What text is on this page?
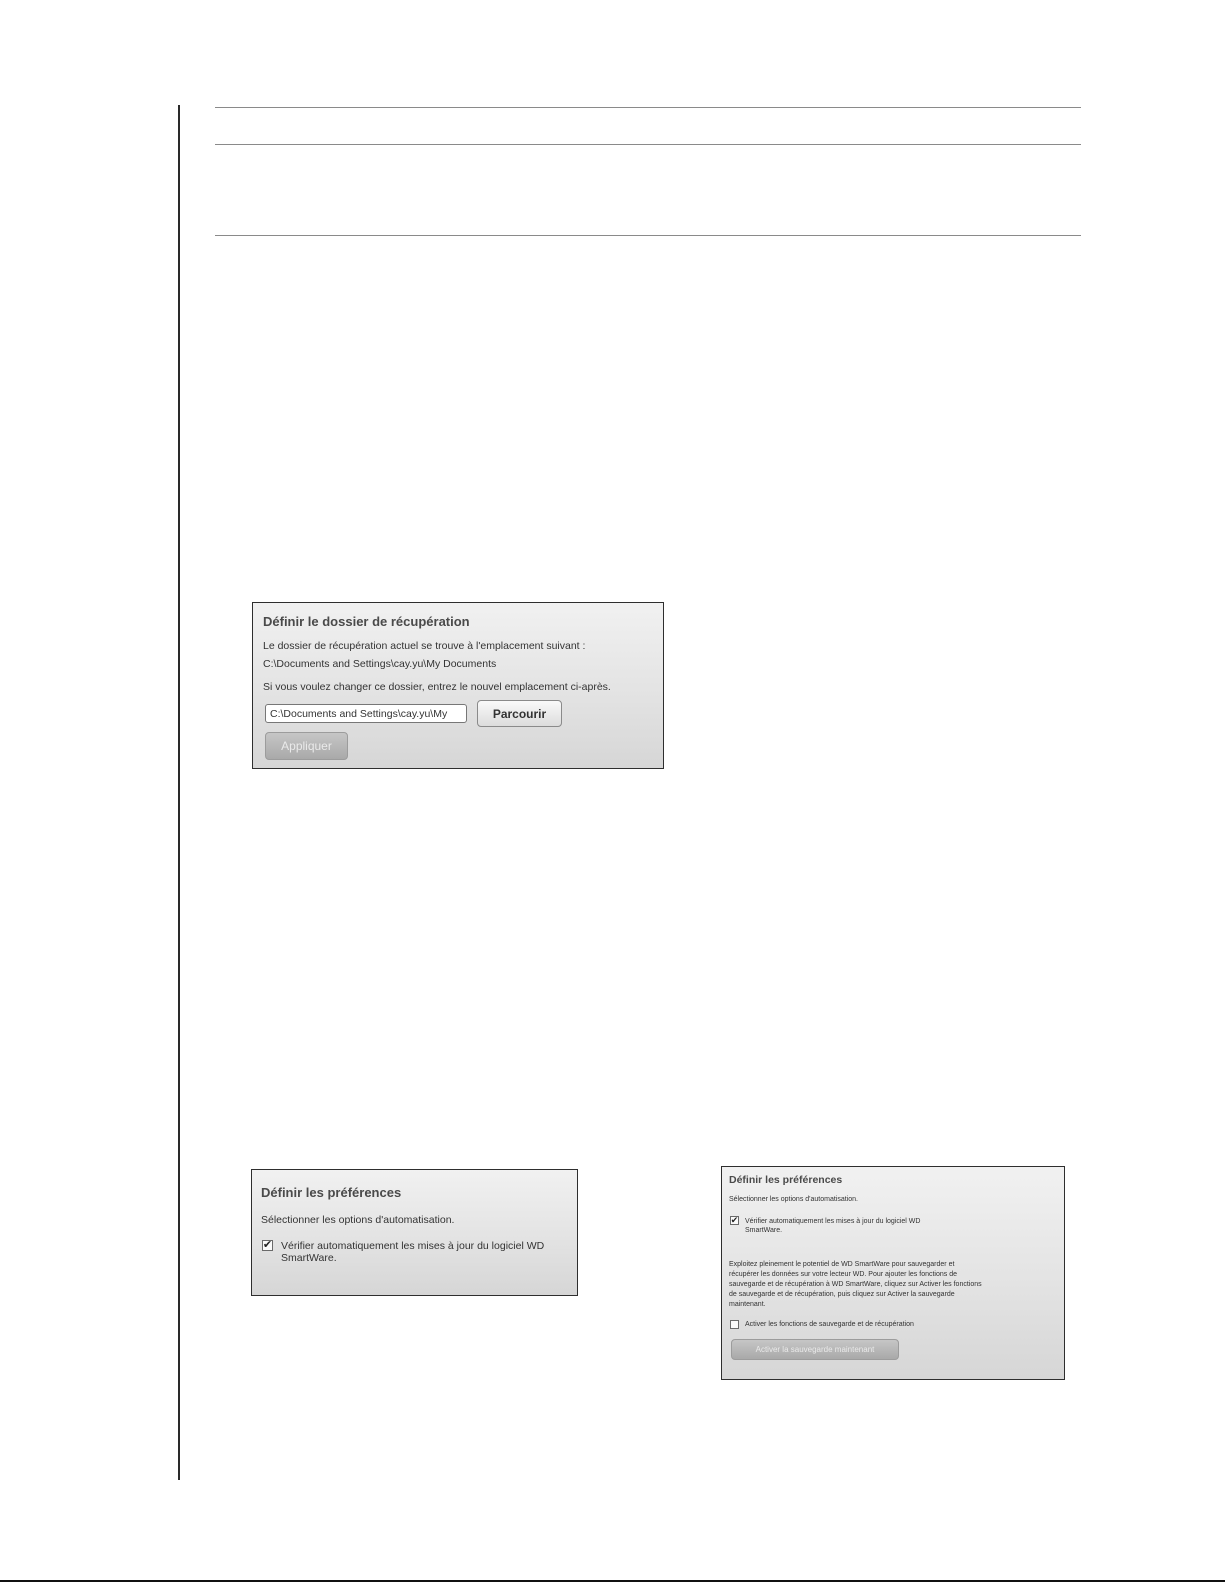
Définir le dossier de récupération
Le dossier de récupération actuel se trouve à l'emplacement suivant :
C:\Documents and Settings\cay.yu\My Documents
Si vous voulez changer ce dossier, entrez le nouvel emplacement ci-après.
C:\Documents and Settings\cay.yu\My
Parcourir
Appliquer
Définir les préférences
Sélectionner les options d'automatisation.
✔ Vérifier automatiquement les mises à jour du logiciel WD
SmartWare.
Définir les préférences
Sélectionner les options d'automatisation.
✔ Vérifier automatiquement les mises à jour du logiciel WD
SmartWare.
Exploitez pleinement le potentiel de WD SmartWare pour sauvegarder et
récupérer les données sur votre lecteur WD. Pour ajouter les fonctions de
sauvegarde et de récupération à WD SmartWare, cliquez sur Activer les fonctions
de sauvegarde et de récupération, puis cliquez sur Activer la sauvegarde
maintenant.
Activer les fonctions de sauvegarde et de récupération
Activer la sauvegarde maintenant
